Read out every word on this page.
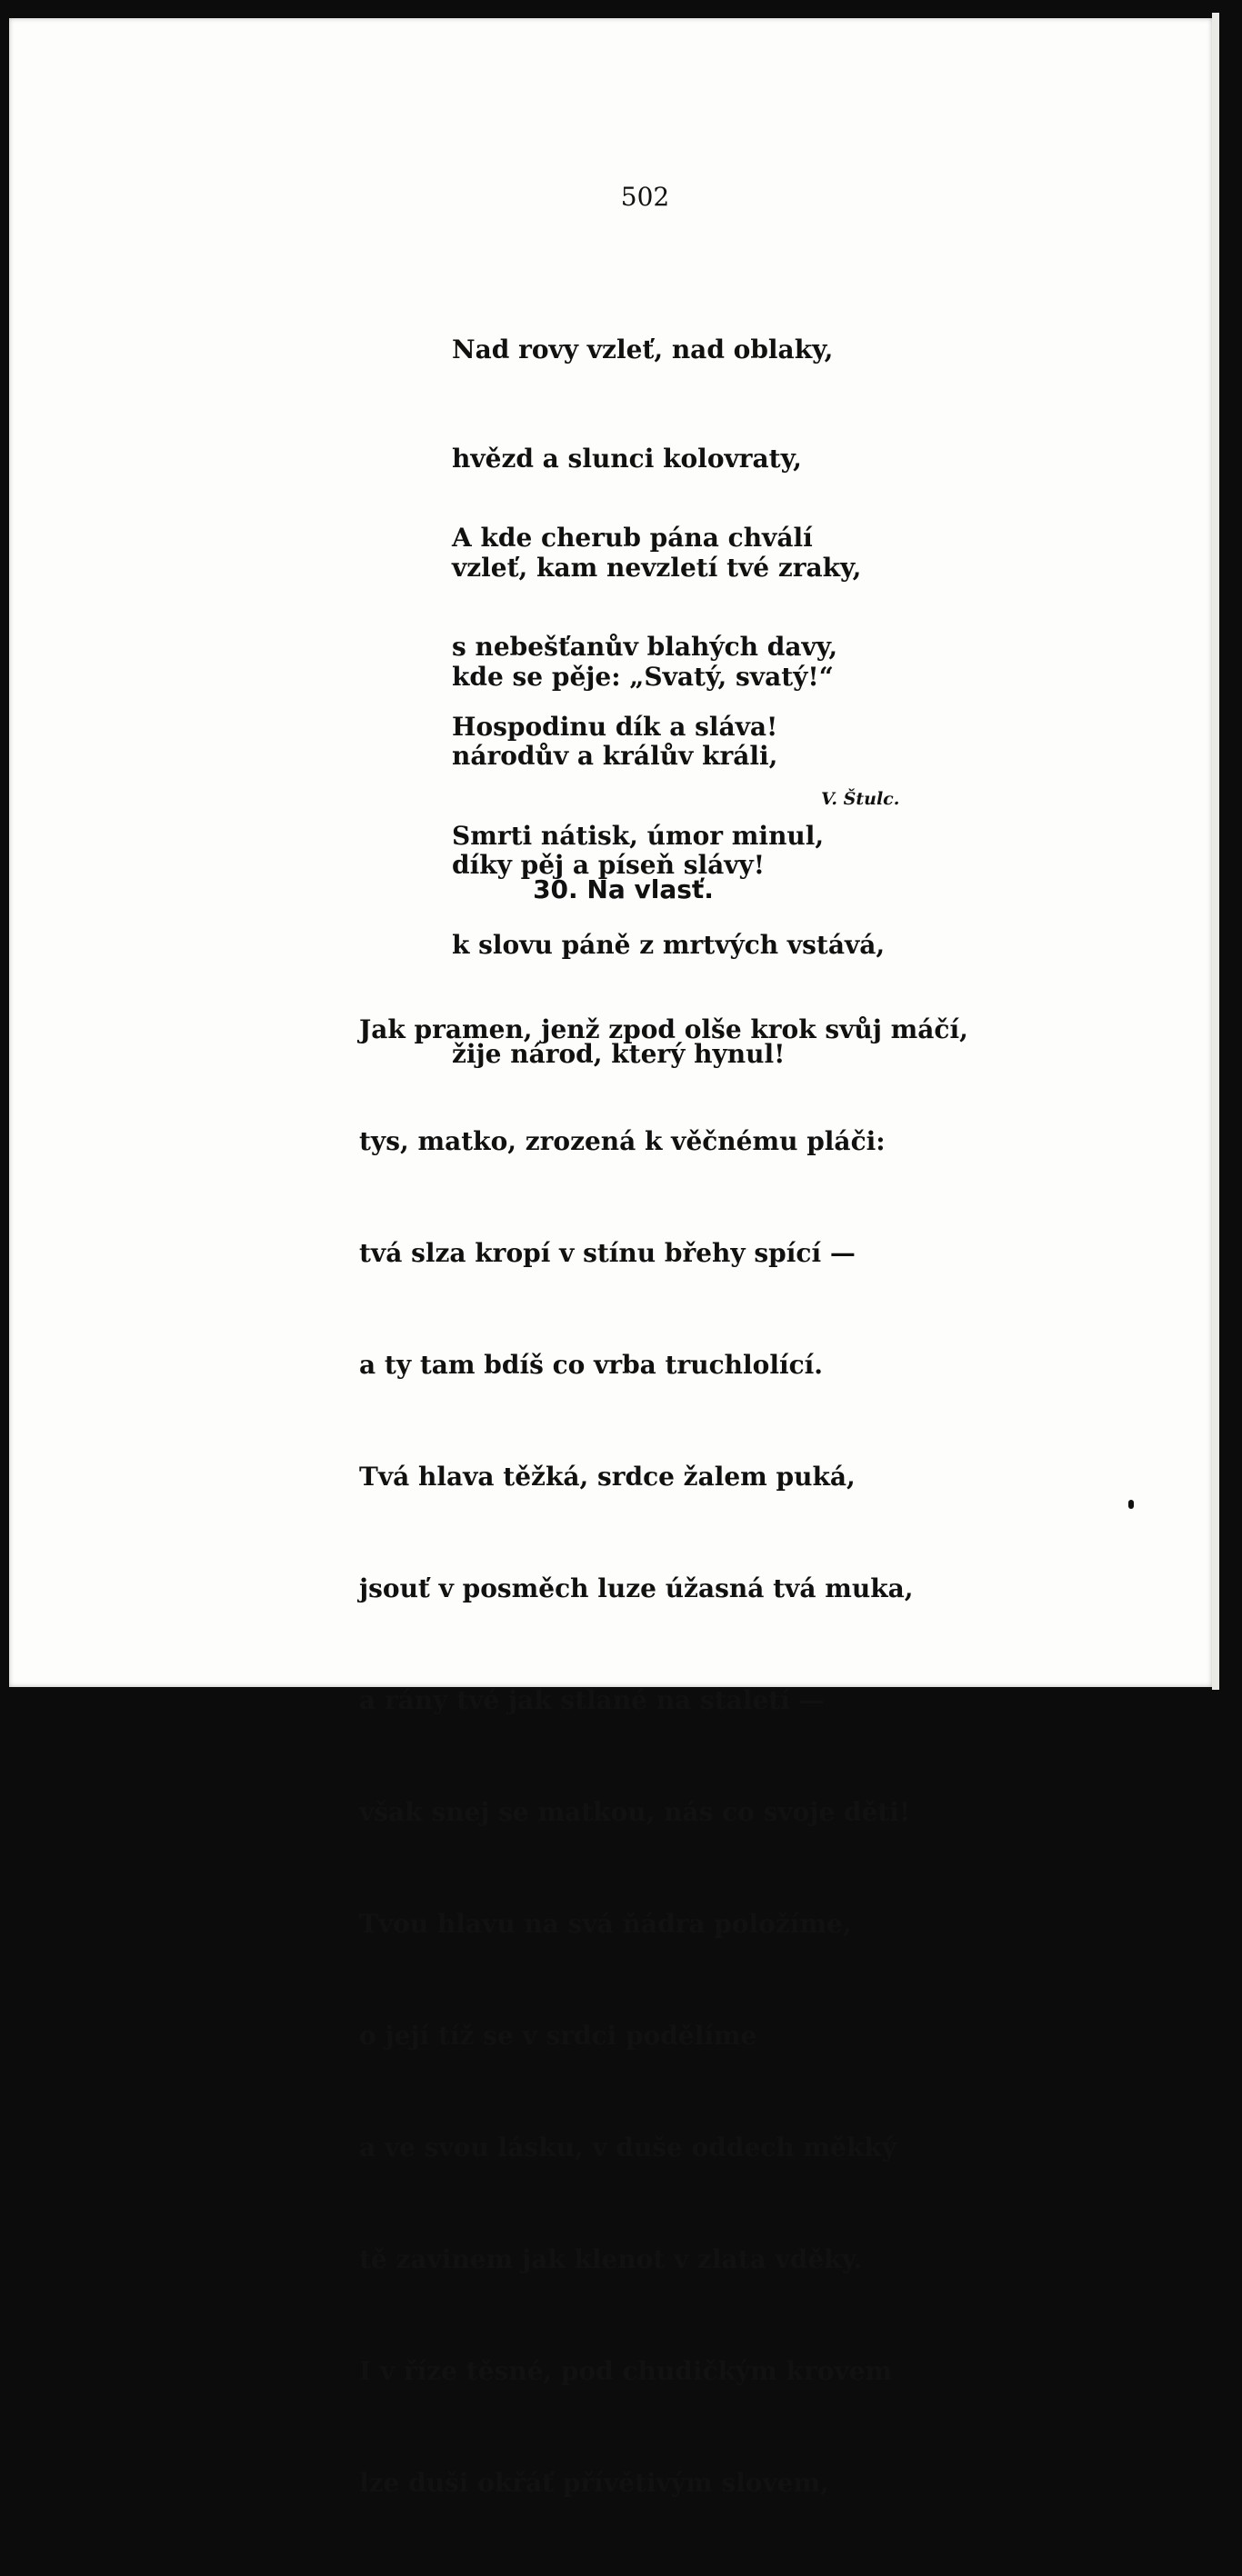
502

Nad rovy vzleť, nad oblaky,

hvězd a slunci kolovraty,

vzleť, kam nevzletí tvé zraky,

kde se pěje: „Svatý, svatý!“

A kde cherub pána chválí

s nebešťanův blahých davy,

národův a králův králi,

díky pěj a píseň slávy!

Hospodinu dík a sláva!

Smrti nátisk, úmor minul,

k slovu páně z mrtvých vstává,

žije národ, který hynul!

V. Štulc.
30. Na vlasť.

Jak pramen, jenž zpod olše krok svůj máčí,

tys, matko, zrozená k věčnému pláči:

tvá slza kropí v stínu břehy spící —

a ty tam bdíš co vrba truchlolící.

Tvá hlava těžká, srdce žalem puká,

jsouť v posměch luze úžasná tvá muka,

a rány tvé jak stlané na staletí —

však snej se matkou, nás co svoje děti!

Tvou hlavu na svá ňádra položíme,

o její tíž se v srdci podělíme

a ve svou lásku, v duše oddech měkký

tě zavinem jak klenot v zlata vděky.

I v říze těsné, pod chudičkým krovem

lze duši okřáť přívětivým slovem,
